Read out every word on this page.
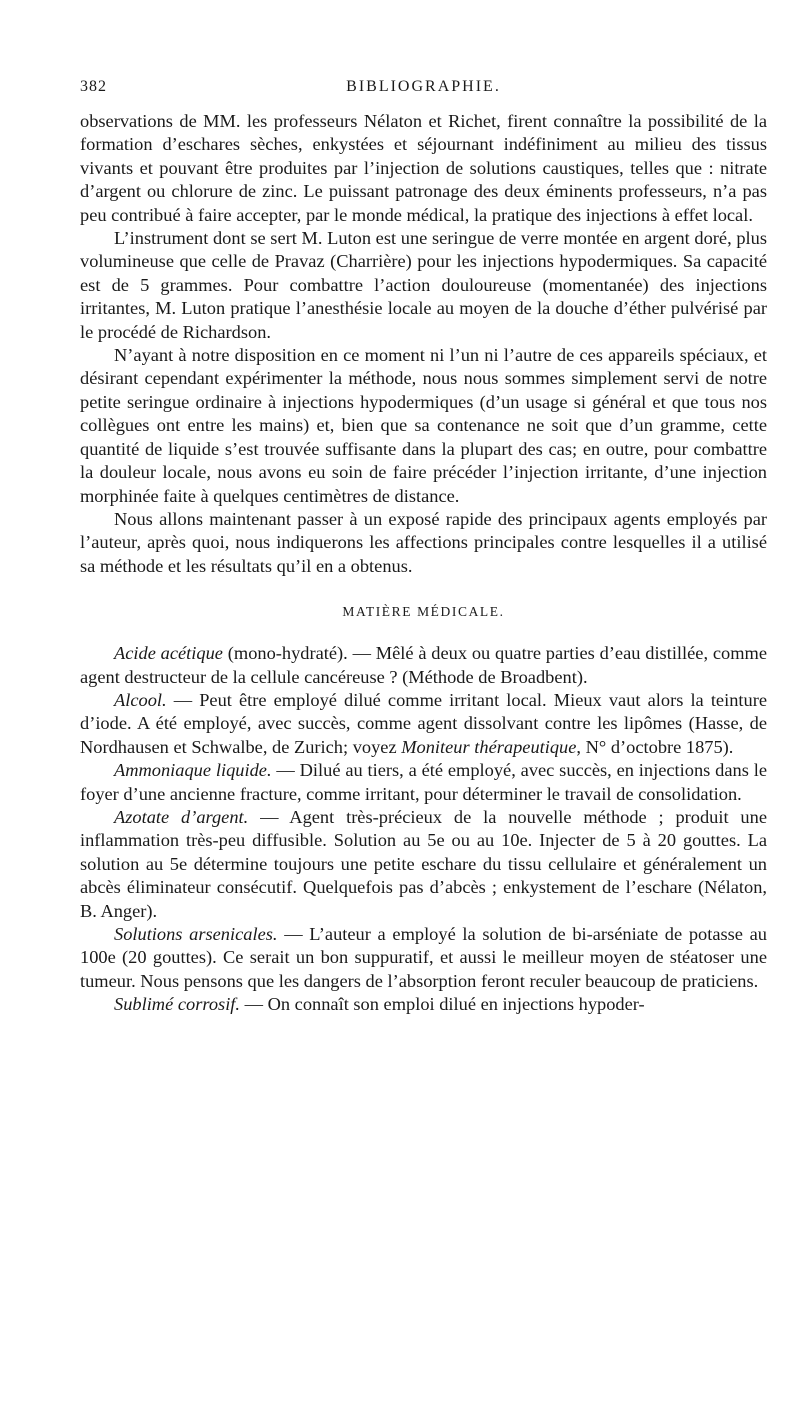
382	BIBLIOGRAPHIE.

observations de MM. les professeurs Nélaton et Richet, firent connaître la possibilité de la formation d’eschares sèches, enkystées et séjournant indéfiniment au milieu des tissus vivants et pouvant être produites par l’injection de solutions caustiques, telles que : nitrate d’argent ou chlorure de zinc. Le puissant patronage des deux éminents professeurs, n’a pas peu contribué à faire accepter, par le monde médical, la pratique des injections à effet local.

L’instrument dont se sert M. Luton est une seringue de verre montée en argent doré, plus volumineuse que celle de Pravaz (Charrière) pour les injections hypodermiques. Sa capacité est de 5 grammes. Pour combattre l’action douloureuse (momentanée) des injections irritantes, M. Luton pratique l’anesthésie locale au moyen de la douche d’éther pulvérisé par le procédé de Richardson.

N’ayant à notre disposition en ce moment ni l’un ni l’autre de ces appareils spéciaux, et désirant cependant expérimenter la méthode, nous nous sommes simplement servi de notre petite seringue ordinaire à injections hypodermiques (d’un usage si général et que tous nos collègues ont entre les mains) et, bien que sa contenance ne soit que d’un gramme, cette quantité de liquide s’est trouvée suffisante dans la plupart des cas; en outre, pour combattre la douleur locale, nous avons eu soin de faire précéder l’injection irritante, d’une injection morphinée faite à quelques centimètres de distance.

Nous allons maintenant passer à un exposé rapide des principaux agents employés par l’auteur, après quoi, nous indiquerons les affections principales contre lesquelles il a utilisé sa méthode et les résultats qu’il en a obtenus.

MATIÈRE MÉDICALE.

Acide acétique (mono-hydraté). — Mêlé à deux ou quatre parties d’eau distillée, comme agent destructeur de la cellule cancéreuse ? (Méthode de Broadbent).

Alcool. — Peut être employé dilué comme irritant local. Mieux vaut alors la teinture d’iode. A été employé, avec succès, comme agent dissolvant contre les lipômes (Hasse, de Nordhausen et Schwalbe, de Zurich; voyez Moniteur thérapeutique, N° d’octobre 1875).

Ammoniaque liquide. — Dilué au tiers, a été employé, avec succès, en injections dans le foyer d’une ancienne fracture, comme irritant, pour déterminer le travail de consolidation.

Azotate d’argent. — Agent très-précieux de la nouvelle méthode ; produit une inflammation très-peu diffusible. Solution au 5e ou au 10e. Injecter de 5 à 20 gouttes. La solution au 5e détermine toujours une petite eschare du tissu cellulaire et généralement un abcès éliminateur consécutif. Quelquefois pas d’abcès ; enkystement de l’eschare (Nélaton, B. Anger).

Solutions arsenicales. — L’auteur a employé la solution de bi-arséniate de potasse au 100e (20 gouttes). Ce serait un bon suppuratif, et aussi le meilleur moyen de stéatoser une tumeur. Nous pensons que les dangers de l’absorption feront reculer beaucoup de praticiens.

Sublimé corrosif. — On connaît son emploi dilué en injections hypoder-
